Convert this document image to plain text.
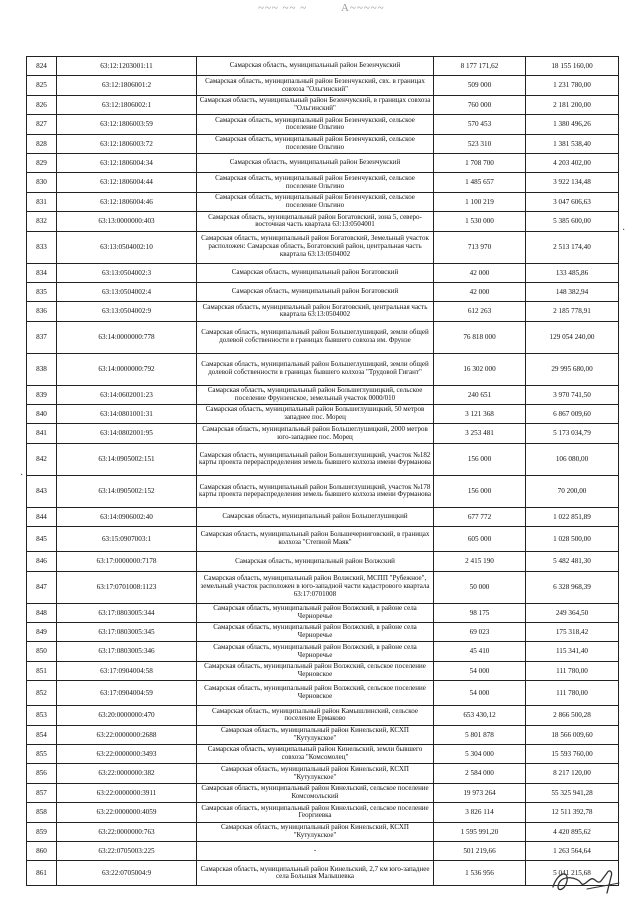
~~~ ~~ ~	А~~~~~
824	63:12:1203001:11	Самарская область, муниципальный район Безенчукский	8 177 171,62	18 155 160,00
825	63:12:1806001:2	Самарская область, муниципальный район Безенчукский, свх. в границах совхоза "Ольгинский"	509 000	1 231 780,00
826	63:12:1806002:1	Самарская область, муниципальный район Безенчукский, в границах совхоза "Ольгинский"	760 000	2 181 200,00
827	63:12:1806003:59	Самарская область, муниципальный район Безенчукский, сельское поселение Ольгино	570 453	1 380 496,26
828	63:12:1806003:72	Самарская область, муниципальный район Безенчукский, сельское поселение Ольгино	523 310	1 381 538,40
829	63:12:1806004:34	Самарская область, муниципальный район Безенчукский	1 708 700	4 203 402,00
830	63:12:1806004:44	Самарская область, муниципальный район Безенчукский, сельское поселение Ольгино	1 485 657	3 922 134,48
831	63:12:1806004:46	Самарская область, муниципальный район Безенчукский, сельское поселение Ольгино	1 100 219	3 047 606,63
832	63:13:0000000:403	Самарская область, муниципальный район Богатовский, зона 5, северо-восточная часть квартала 63:13:0504001	1 530 000	5 385 600,00
833	63:13:0504002:10	Самарская область, муниципальный район Богатовский, Земельный участок расположен: Самарская область, Богатовский район, центральная часть квартала 63:13:0504002	713 970	2 513 174,40
834	63:13:0504002:3	Самарская область, муниципальный район Богатовский	42 000	133 485,86
835	63:13:0504002:4	Самарская область, муниципальный район Богатовский	42 000	148 382,94
836	63:13:0504002:9	Самарская область, муниципальный район Богатовский, центральная часть квартала 63:13:0504002	612 263	2 185 778,91
837	63:14:0000000:778	Самарская область, муниципальный район Большеглушицкий, земли общей долевой собственности в границах бывшего совхоза им. Фрунзе	76 818 000	129 054 240,00
838	63:14:0000000:792	Самарская область, муниципальный район Большеглушицкий, земли общей долевой собственности в границах бывшего колхоза "Трудовой Гигант"	16 302 000	29 995 680,00
839	63:14:0602001:23	Самарская область, муниципальный район Большеглушицкий, сельское поселение Фрунзенское, земельный участок 0000/010	240 651	3 970 741,50
840	63:14:0801001:31	Самарская область, муниципальный район Большеглушицкий, 50 метров западнее пос. Морец	3 121 368	6 867 009,60
841	63:14:0802001:95	Самарская область, муниципальный район Большеглушицкий, 2000 метров юго-западнее пос. Морец	3 253 481	5 173 034,79
842	63:14:0905002:151	Самарская область, муниципальный район Большеглушицкий, участок №182 карты проекта перераспределения земель бывшего колхоза имени Фурманова	156 000	106 080,00
843	63:14:0905002:152	Самарская область, муниципальный район Большеглушицкий, участок №178 карты проекта перераспределения земель бывшего колхоза имени Фурманова	156 000	70 200,00
844	63:14:0906002:40	Самарская область, муниципальный район Большеглушицкий	677 772	1 022 851,89
845	63:15:0907003:1	Самарская область, муниципальный район Большечерниговский, в границах колхоза "Степной Маяк"	605 000	1 028 500,00
846	63:17:0000000:7178	Самарская область, муниципальный район Волжский	2 415 190	5 482 481,30
847	63:17:0701008:1123	Самарская область, муниципальный район Волжский, МСПП "Рубежное", земельный участок расположен в юго-западной части кадастрового квартала 63:17:0701008	50 000	6 328 968,39
848	63:17:0803005:344	Самарская область, муниципальный район Волжский, в районе села Черноречье	98 175	249 364,50
849	63:17:0803005:345	Самарская область, муниципальный район Волжский, в районе села Черноречье	69 023	175 318,42
850	63:17:0803005:346	Самарская область, муниципальный район Волжский, в районе села Черноречье	45 410	115 341,40
851	63:17:0904004:58	Самарская область, муниципальный район Волжский, сельское поселение Черновское	54 000	111 780,00
852	63:17:0904004:59	Самарская область, муниципальный район Волжский, сельское поселение Черновское	54 000	111 780,00
853	63:20:0000000:470	Самарская область, муниципальный район Камышлинский, сельское поселение Ермаково	653 430,12	2 866 500,28
854	63:22:0000000:2688	Самарская область, муниципальный район Кинельский, КСХП "Кутулукское"	5 801 878	18 566 009,60
855	63:22:0000000:3493	Самарская область, муниципальный район Кинельский, земли бывшего совхоза "Комсомолец"	5 304 000	15 593 760,00
856	63:22:0000000:382	Самарская область, муниципальный район Кинельский, КСХП "Кутулукское"	2 584 000	8 217 120,00
857	63:22:0000000:3911	Самарская область, муниципальный район Кинельский, сельское поселение Комсомольский	19 973 264	55 325 941,28
858	63:22:0000000:4059	Самарская область, муниципальный район Кинельский, сельское поселение Георгиевка	3 826 114	12 511 392,78
859	63:22:0000000:763	Самарская область, муниципальный район Кинельский, КСХП "Кутулукское"	1 595 991,20	4 420 895,62
860	63:22:0705003:225	-	501 219,66	1 263 564,64
861	63:22:0705004:9	Самарская область, муниципальный район Кинельский, 2,7 км юго-западнее села Большая Малышевка	1 536 956	5 041 215,68
·
·
